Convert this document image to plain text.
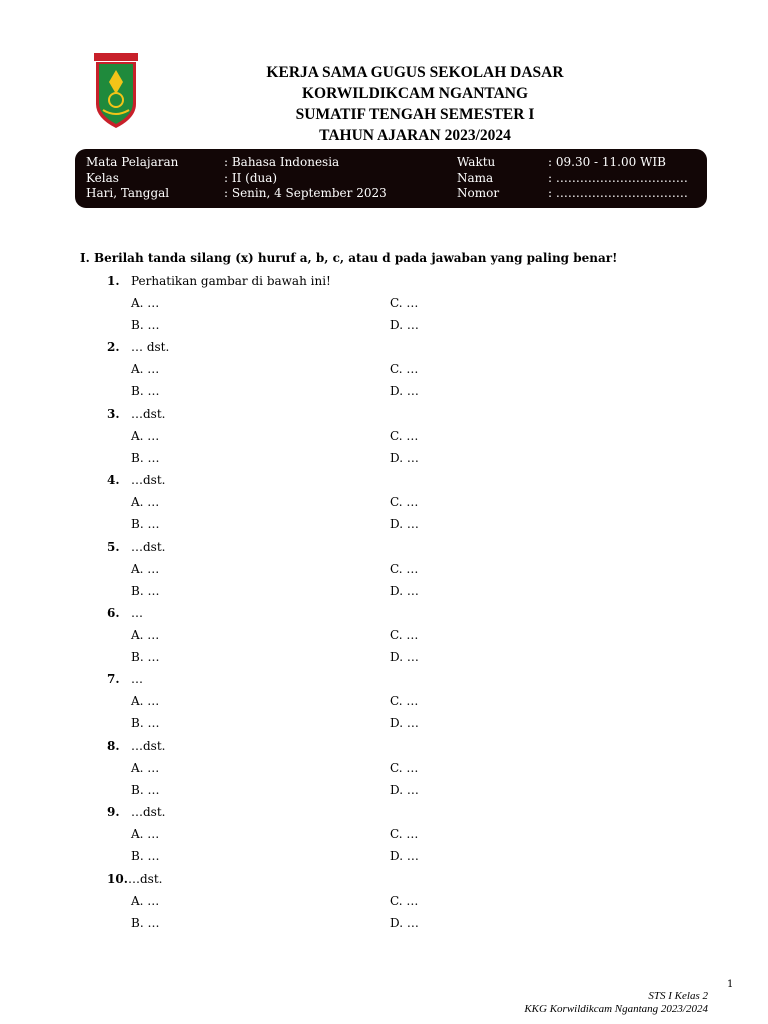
KERJA SAMA GUGUS SEKOLAH DASAR
KORWILDIKCAM NGANTANG
SUMATIF TENGAH SEMESTER I
TAHUN AJARAN 2023/2024
Mata Pelajaran	: Bahasa Indonesia	Waktu	: 09.30 - 11.00 WIB
Kelas	: II (dua)	Nama	: ……………………………
Hari, Tanggal	: Senin, 4 September 2023	Nomor	: ……………………………
I. Berilah tanda silang (x) huruf a, b, c, atau d pada jawaban yang paling benar!
1. Perhatikan gambar di bawah ini!
A. …	C. …
B. …	D. …
2. … dst.
A. …	C. …
B. …	D. …
3. …dst.
A. …	C. …
B. …	D. …
4. …dst.
A. …	C. …
B. …	D. …
5. …dst.
A. …	C. …
B. …	D. …
6. …
A. …	C. …
B. …	D. …
7. …
A. …	C. …
B. …	D. …
8. …dst.
A. …	C. …
B. …	D. …
9. …dst.
A. …	C. …
B. …	D. …
10. …dst.
A. …	C. …
B. …	D. …
1
STS I Kelas 2
KKG Korwildikcam Ngantang 2023/2024
